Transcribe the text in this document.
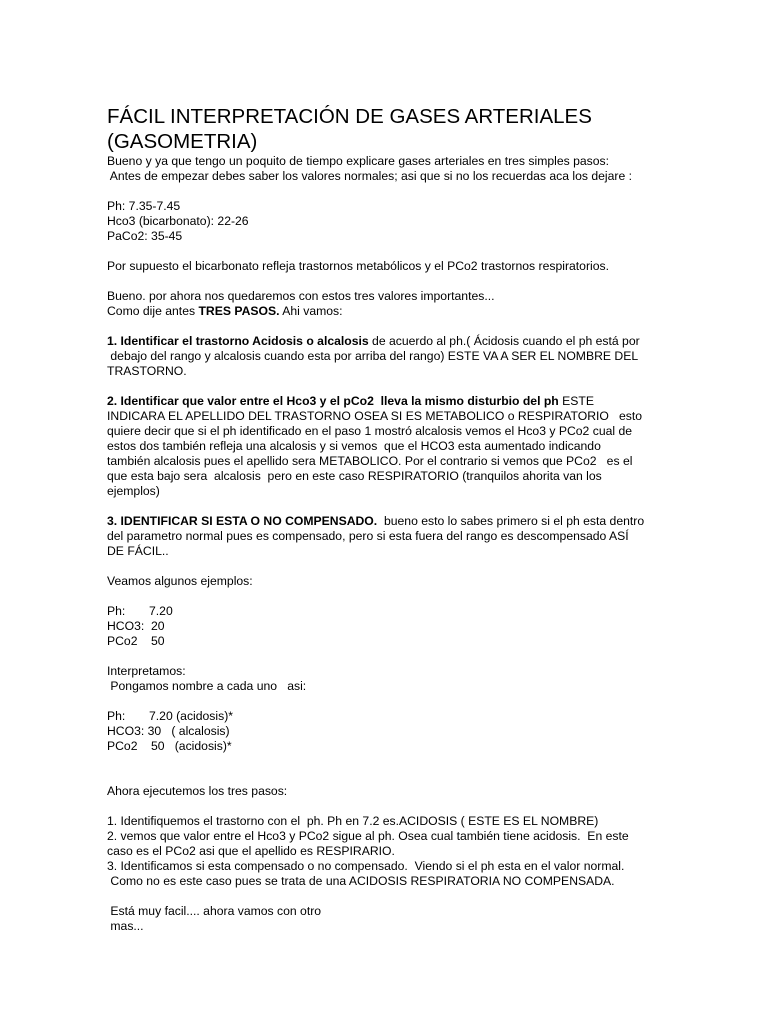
FÁCIL INTERPRETACIÓN DE GASES ARTERIALES
(GASOMETRIA)
Bueno y ya que tengo un poquito de tiempo explicare gases arteriales en tres simples pasos:
Antes de empezar debes saber los valores normales; asi que si no los recuerdas aca los dejare :
Ph: 7.35-7.45
Hco3 (bicarbonato): 22-26
PaCo2: 35-45
Por supuesto el bicarbonato refleja trastornos metabólicos y el PCo2 trastornos respiratorios.
Bueno. por ahora nos quedaremos con estos tres valores importantes...
Como dije antes TRES PASOS. Ahi vamos:
1. Identificar el trastorno Acidosis o alcalosis de acuerdo al ph.( Ácidosis cuando el ph está por
debajo del rango y alcalosis cuando esta por arriba del rango) ESTE VA A SER EL NOMBRE DEL
TRASTORNO.
2. Identificar que valor entre el Hco3 y el pCo2  lleva la mismo disturbio del ph ESTE
INDICARA EL APELLIDO DEL TRASTORNO OSEA SI ES METABOLICO o RESPIRATORIO   esto
quiere decir que si el ph identificado en el paso 1 mostró alcalosis vemos el Hco3 y PCo2 cual de
estos dos también refleja una alcalosis y si vemos  que el HCO3 esta aumentado indicando
también alcalosis pues el apellido sera METABOLICO. Por el contrario si vemos que PCo2   es el
que esta bajo sera  alcalosis  pero en este caso RESPIRATORIO (tranquilos ahorita van los
ejemplos)
3. IDENTIFICAR SI ESTA O NO COMPENSADO.  bueno esto lo sabes primero si el ph esta dentro
del parametro normal pues es compensado, pero si esta fuera del rango es descompensado ASÍ
DE FÁCIL..
Veamos algunos ejemplos:
Ph:       7.20
HCO3:  20
PCo2    50
Interpretamos:
Pongamos nombre a cada uno   asi:
Ph:       7.20 (acidosis)*
HCO3: 30   ( alcalosis)
PCo2    50   (acidosis)*
Ahora ejecutemos los tres pasos:
1. Identifiquemos el trastorno con el  ph. Ph en 7.2 es.ACIDOSIS ( ESTE ES EL NOMBRE)
2. vemos que valor entre el Hco3 y PCo2 sigue al ph. Osea cual también tiene acidosis.  En este
caso es el PCo2 asi que el apellido es RESPIRARIO.
3. Identificamos si esta compensado o no compensado.  Viendo si el ph esta en el valor normal.
Como no es este caso pues se trata de una ACIDOSIS RESPIRATORIA NO COMPENSADA.
Está muy facil.... ahora vamos con otro
mas...
